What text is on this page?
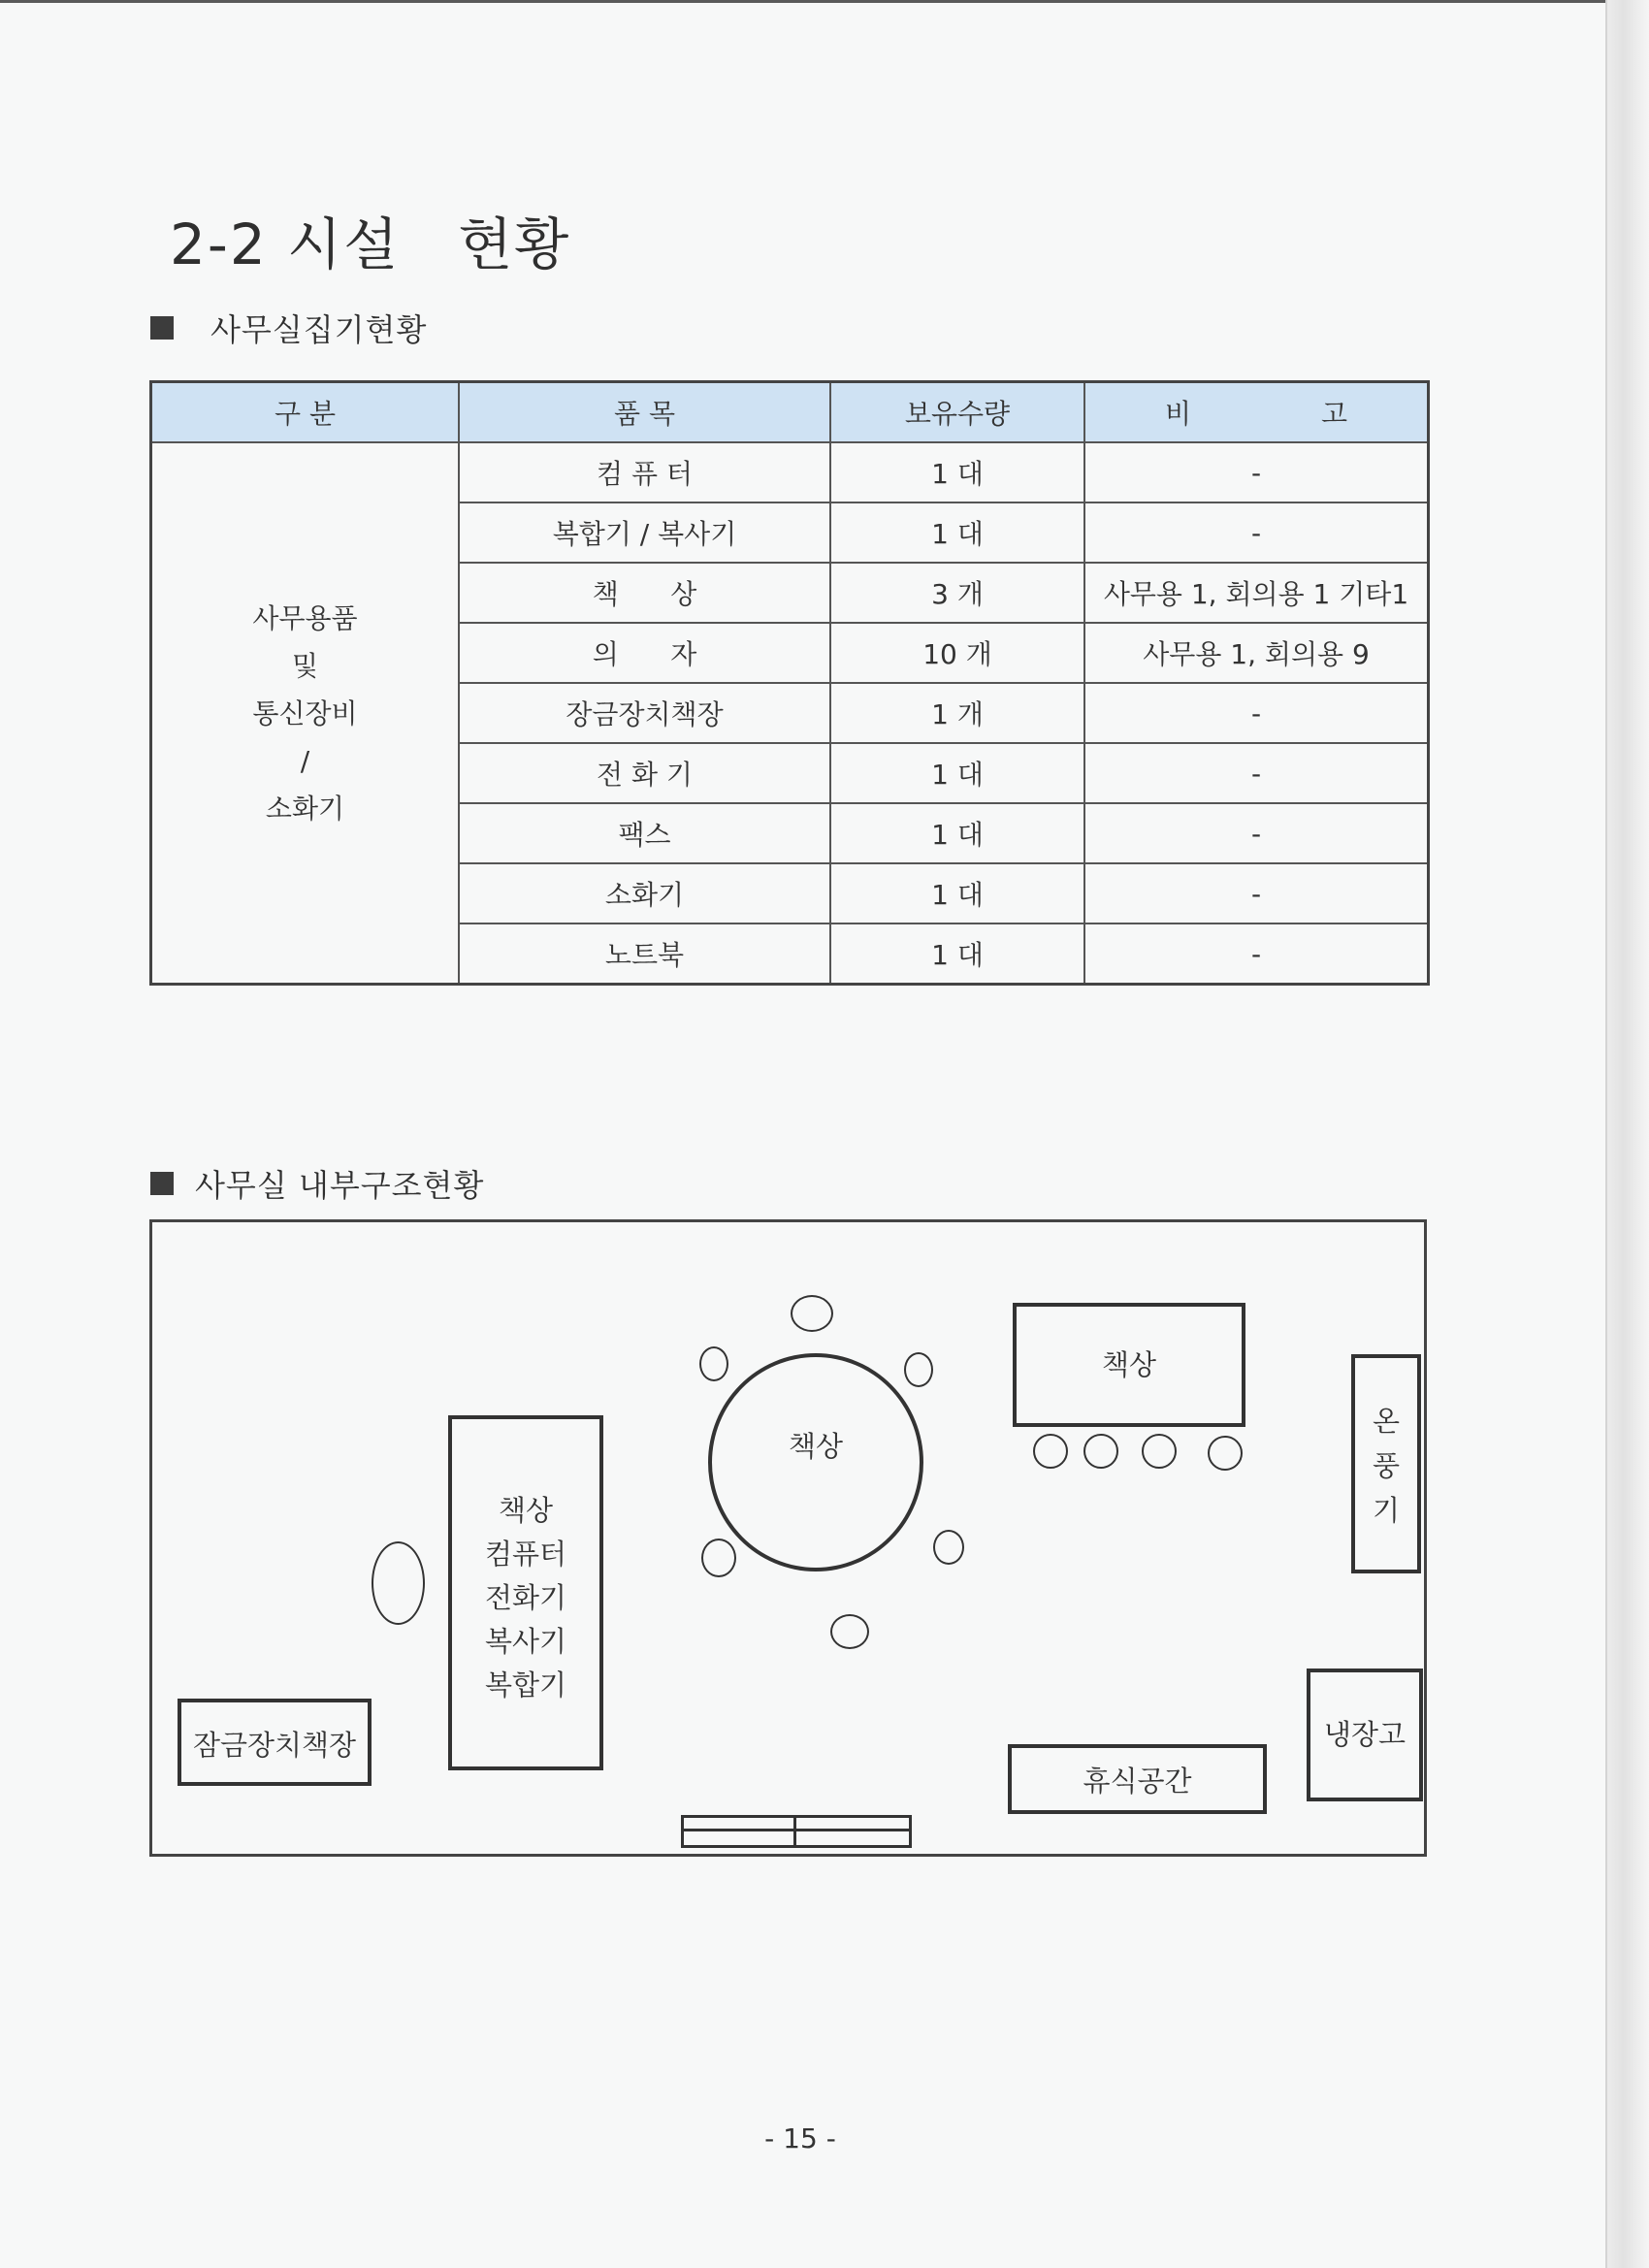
2-2 시설 현황
사무실집기현황
구 분	품 목	보유수량	비 고

사무용품
및
통신장비
/
소화기	컴 퓨 터	1 대	-
	복합기 / 복사기	1 대	-
	책      상	3 개	사무용 1, 회의용 1 기타1
	의      자	10 개	사무용 1, 회의용 9
	장금장치책장	1 개	-
	전 화 기	1 대	-
	팩스	1 대	-
	소화기	1 대	-
	노트북	1 대	-
사무실 내부구조현황
책상
온
풍
기
책상
책상
컴퓨터
전화기
복사기
복합기
잠금장치책장
휴식공간
냉장고
- 15 -
